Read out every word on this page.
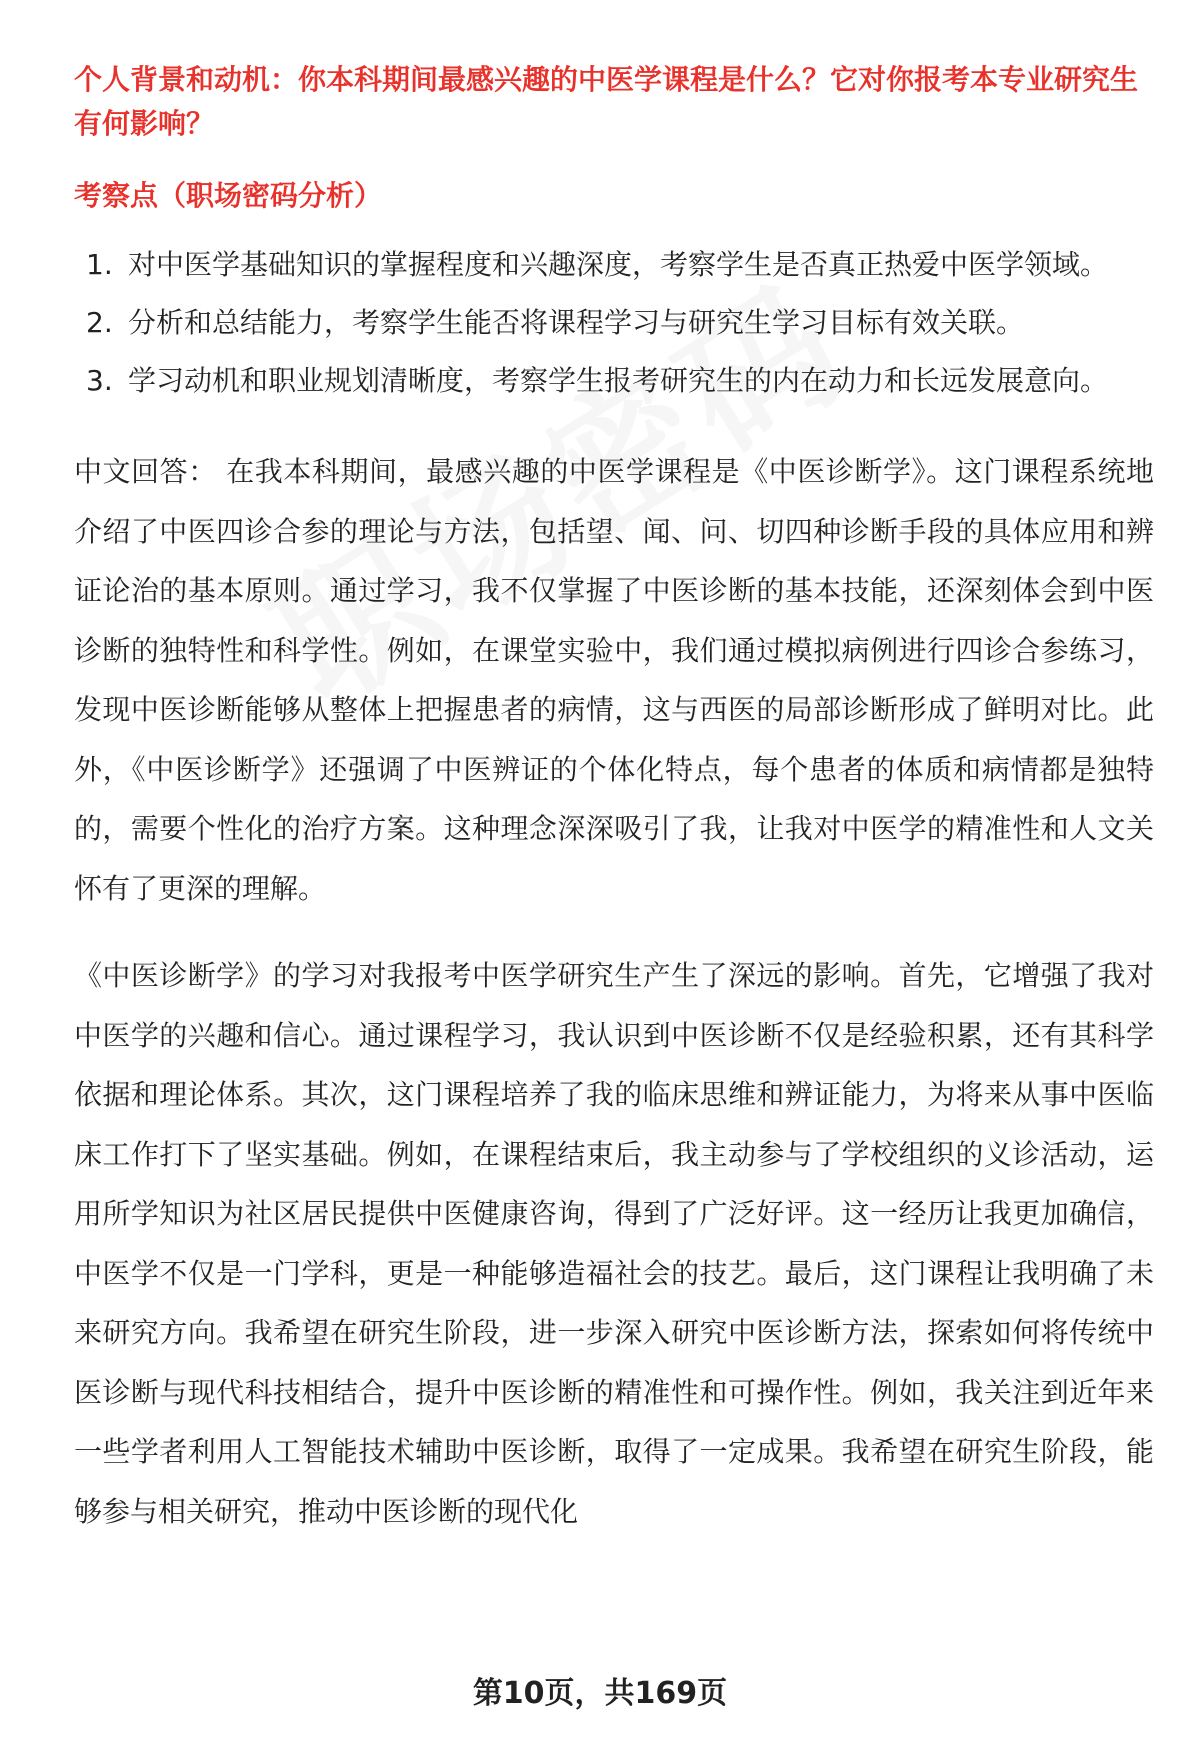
个人背景和动机：你本科期间最感兴趣的中医学课程是什么？它对你报考本专业研究生有何影响？

考察点（职场密码分析）

1. 对中医学基础知识的掌握程度和兴趣深度，考察学生是否真正热爱中医学领域。
2. 分析和总结能力，考察学生能否将课程学习与研究生学习目标有效关联。
3. 学习动机和职业规划清晰度，考察学生报考研究生的内在动力和长远发展意向。

中文回答： 在我本科期间，最感兴趣的中医学课程是《中医诊断学》。这门课程系统地介绍了中医四诊合参的理论与方法，包括望、闻、问、切四种诊断手段的具体应用和辨证论治的基本原则。通过学习，我不仅掌握了中医诊断的基本技能，还深刻体会到中医诊断的独特性和科学性。例如，在课堂实验中，我们通过模拟病例进行四诊合参练习，发现中医诊断能够从整体上把握患者的病情，这与西医的局部诊断形成了鲜明对比。此外，《中医诊断学》还强调了中医辨证的个体化特点，每个患者的体质和病情都是独特的，需要个性化的治疗方案。这种理念深深吸引了我，让我对中医学的精准性和人文关怀有了更深的理解。

《中医诊断学》的学习对我报考中医学研究生产生了深远的影响。首先，它增强了我对中医学的兴趣和信心。通过课程学习，我认识到中医诊断不仅是经验积累，还有其科学依据和理论体系。其次，这门课程培养了我的临床思维和辨证能力，为将来从事中医临床工作打下了坚实基础。例如，在课程结束后，我主动参与了学校组织的义诊活动，运用所学知识为社区居民提供中医健康咨询，得到了广泛好评。这一经历让我更加确信，中医学不仅是一门学科，更是一种能够造福社会的技艺。最后，这门课程让我明确了未来研究方向。我希望在研究生阶段，进一步深入研究中医诊断方法，探索如何将传统中医诊断与现代科技相结合，提升中医诊断的精准性和可操作性。例如，我关注到近年来一些学者利用人工智能技术辅助中医诊断，取得了一定成果。我希望在研究生阶段，能够参与相关研究，推动中医诊断的现代化

第10页，共169页
